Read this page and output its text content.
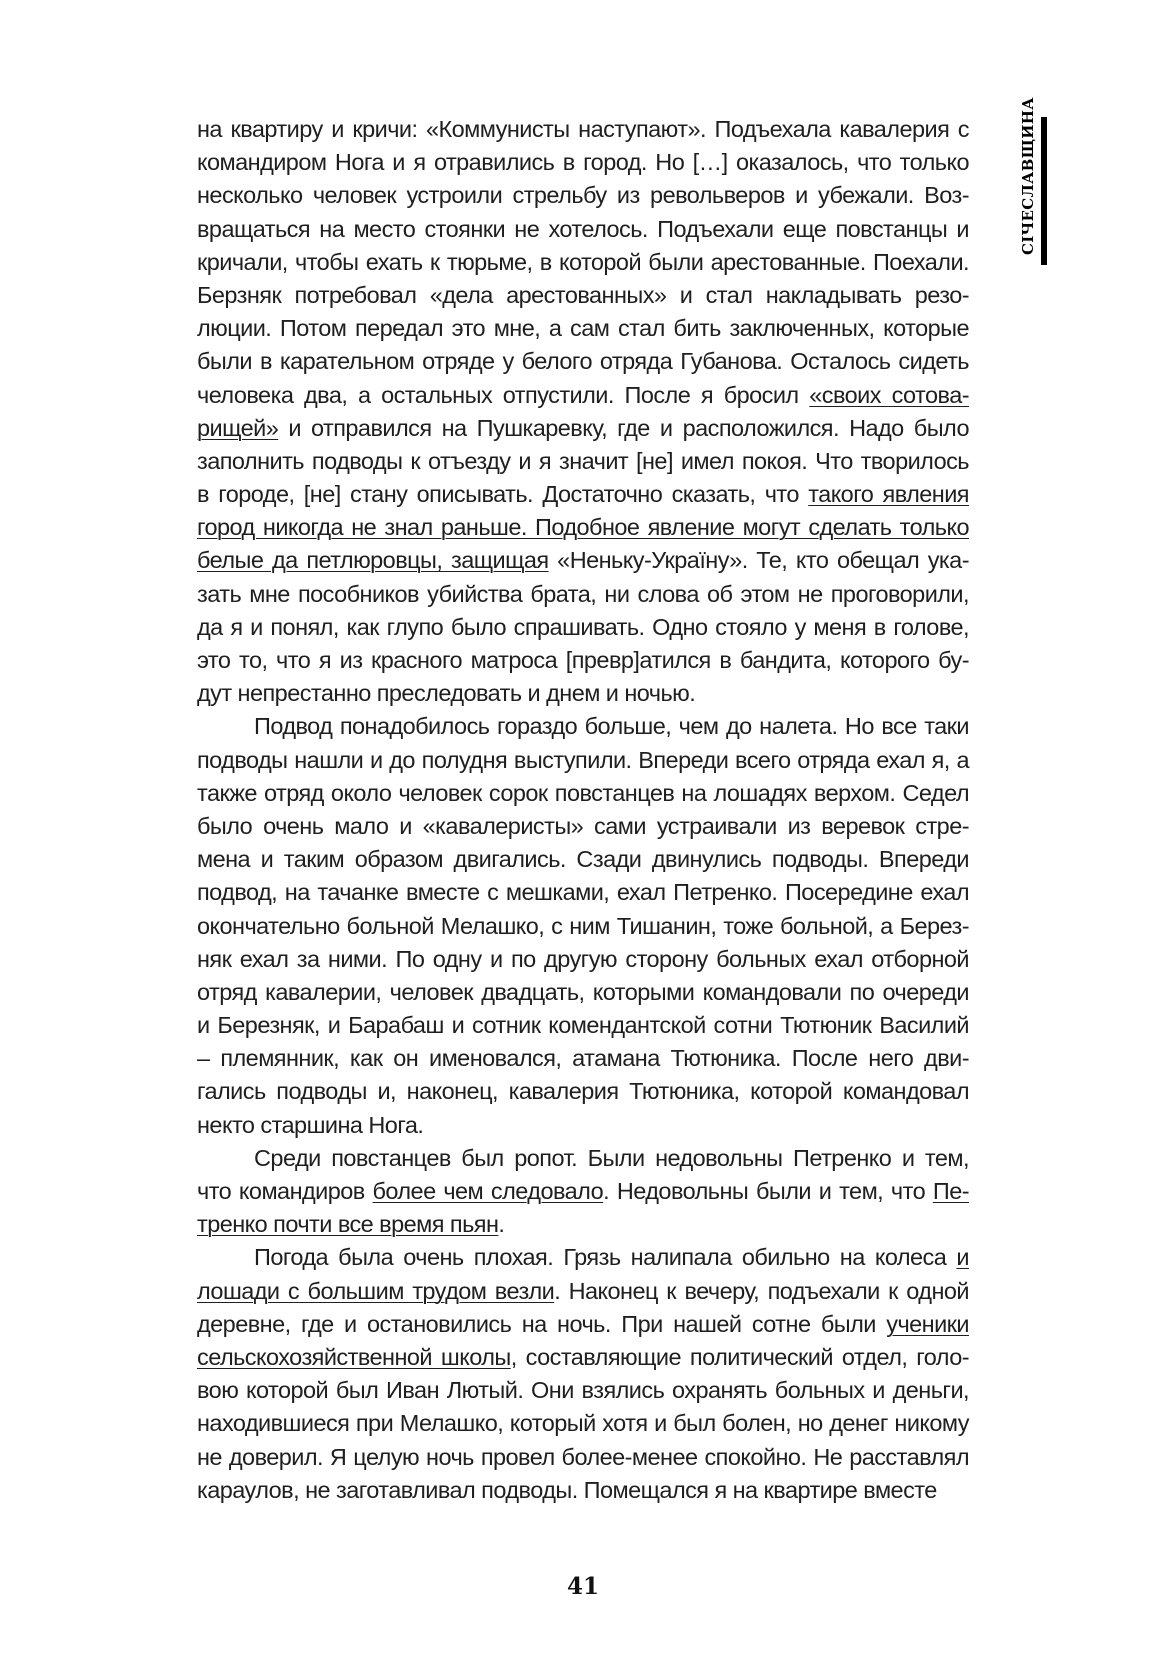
СІЧЕСЛАВЩИНА
на квартиру и кричи: «Коммунисты наступают». Подъехала кавалерия с
командиром Нога и я отравились в город. Но […] оказалось, что только
несколько человек устроили стрельбу из револьверов и убежали. Воз-
вращаться на место стоянки не хотелось. Подъехали еще повстанцы и
кричали, чтобы ехать к тюрьме, в которой были арестованные. Поехали.
Берзняк потребовал «дела арестованных» и стал накладывать резо-
люции. Потом передал это мне, а сам стал бить заключенных, которые
были в карательном отряде у белого отряда Губанова. Осталось сидеть
человека два, а остальных отпустили. После я бросил «своих сотова-
рищей» и отправился на Пушкаревку, где и расположился. Надо было
заполнить подводы к отъезду и я значит [не] имел покоя. Что творилось
в городе, [не] стану описывать. Достаточно сказать, что такого явления
город никогда не знал раньше. Подобное явление могут сделать только
белые да петлюровцы, защищая «Неньку-Україну». Те, кто обещал ука-
зать мне пособников убийства брата, ни слова об этом не проговорили,
да я и понял, как глупо было спрашивать. Одно стояло у меня в голове,
это то, что я из красного матроса [превр]атился в бандита, которого бу-
дут непрестанно преследовать и днем и ночью.
Подвод понадобилось гораздо больше, чем до налета. Но все таки
подводы нашли и до полудня выступили. Впереди всего отряда ехал я, а
также отряд около человек сорок повстанцев на лошадях верхом. Седел
было очень мало и «кавалеристы» сами устраивали из веревок стре-
мена и таким образом двигались. Сзади двинулись подводы. Впереди
подвод, на тачанке вместе с мешками, ехал Петренко. Посередине ехал
окончательно больной Мелашко, с ним Тишанин, тоже больной, а Берез-
няк ехал за ними. По одну и по другую сторону больных ехал отборной
отряд кавалерии, человек двадцать, которыми командовали по очереди
и Березняк, и Барабаш и сотник комендантской сотни Тютюник Василий
– племянник, как он именовался, атамана Тютюника. После него дви-
гались подводы и, наконец, кавалерия Тютюника, которой командовал
некто старшина Нога.
Среди повстанцев был ропот. Были недовольны Петренко и тем,
что командиров более чем следовало. Недовольны были и тем, что Пе-
тренко почти все время пьян.
Погода была очень плохая. Грязь налипала обильно на колеса и
лошади с большим трудом везли. Наконец к вечеру, подъехали к одной
деревне, где и остановились на ночь. При нашей сотне были ученики
сельскохозяйственной школы, составляющие политический отдел, голо-
вою которой был Иван Лютый. Они взялись охранять больных и деньги,
находившиеся при Мелашко, который хотя и был болен, но денег никому
не доверил. Я целую ночь провел более-менее спокойно. Не расставлял
караулов, не заготавливал подводы. Помещался я на квартире вместе
41
